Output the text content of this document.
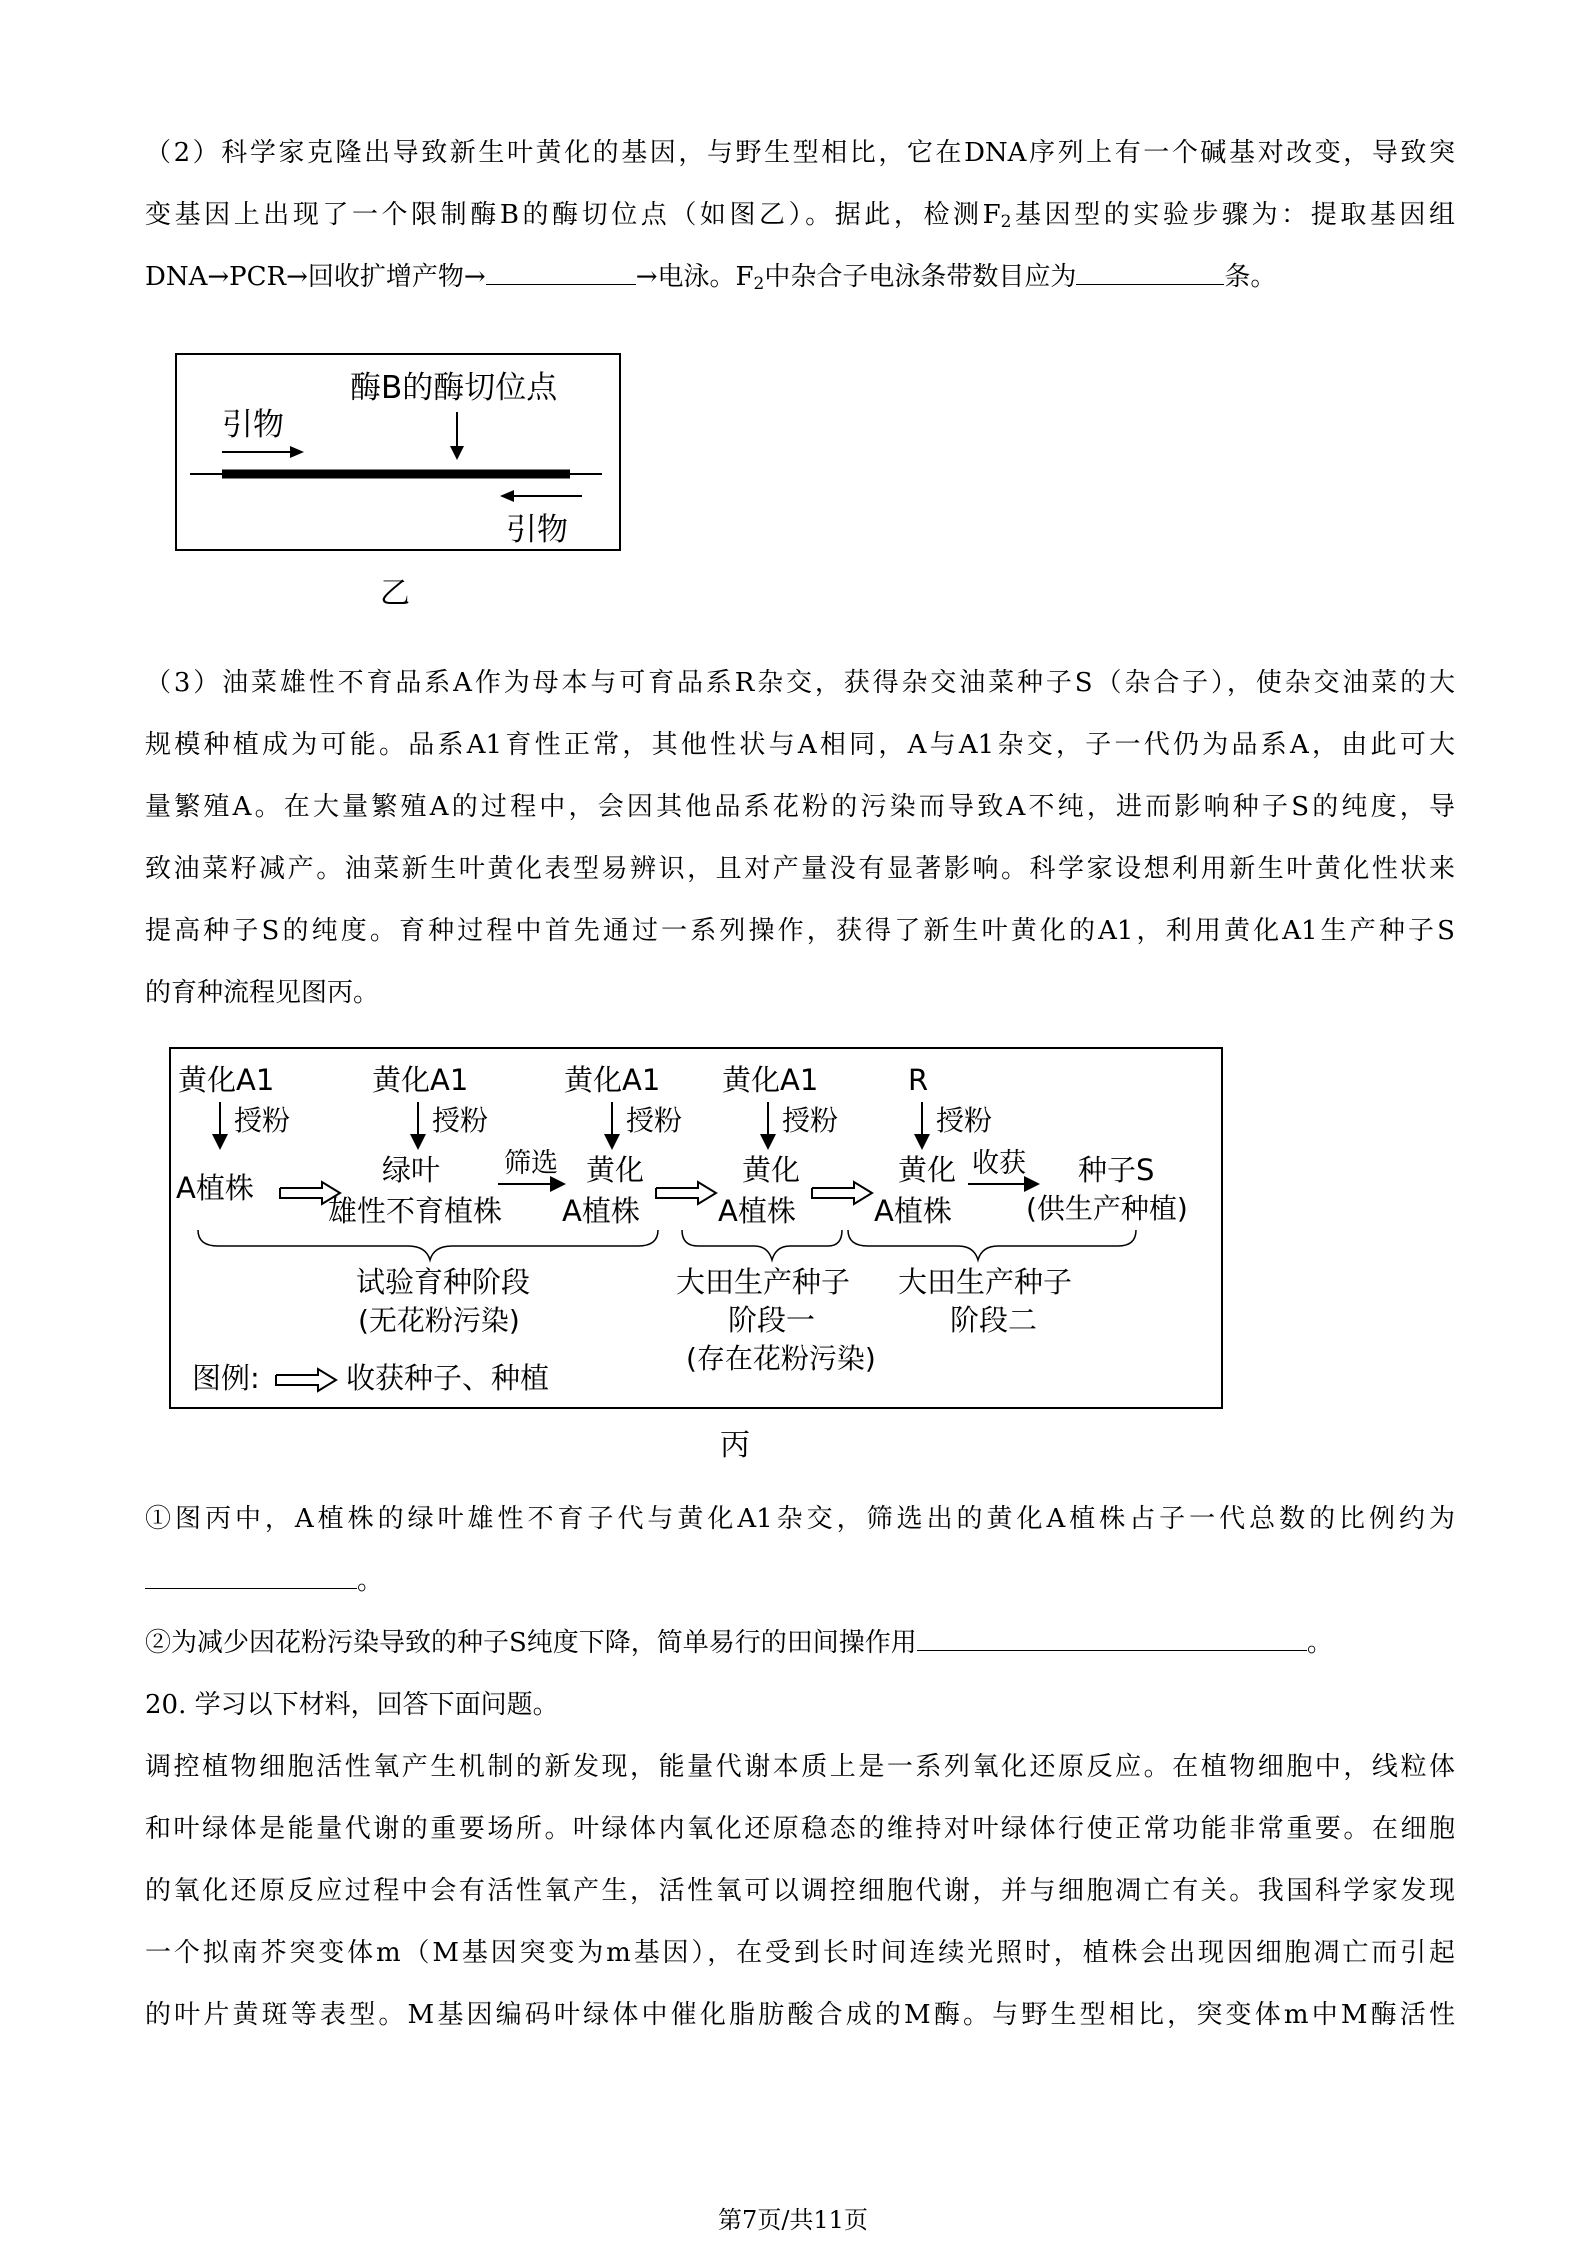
（2）科学家克隆出导致新生叶黄化的基因，与野生型相比，它在DNA序列上有一个碱基对改变，导致突
变基因上出现了一个限制酶B的酶切位点（如图乙）。据此，检测$F_2$基因型的实验步骤为：提取基因组
DNA→PCR→回收扩增产物→	→电泳。$F_2$中杂合子电泳条带数目应为	条。
酶B的酶切位点
引物
引物
乙
（3）油菜雄性不育品系A作为母本与可育品系R杂交，获得杂交油菜种子S（杂合子），使杂交油菜的大
规模种植成为可能。品系A1育性正常，其他性状与A相同，A与A1杂交，子一代仍为品系A，由此可大
量繁殖A。在大量繁殖A的过程中，会因其他品系花粉的污染而导致A不纯，进而影响种子S的纯度，导
致油菜籽减产。油菜新生叶黄化表型易辨识，且对产量没有显著影响。科学家设想利用新生叶黄化性状来
提高种子S的纯度。育种过程中首先通过一系列操作，获得了新生叶黄化的A1，利用黄化A1生产种子S
的育种流程见图丙。
黄化A1	黄化A1	黄化A1 黄化A1	R
授粉	授粉	授粉	授粉	授粉
A植株
绿叶
雄性不育植株
筛选 黄化
A植株
黄化
A植株
黄化
A植株
收获 种子S
(供生产种植)
试验育种阶段
(无花粉污染)
大田生产种子
阶段一
(存在花粉污染)
大田生产种子
阶段二
图例:	收获种子、种植
丙
①图丙中，A植株的绿叶雄性不育子代与黄化A1杂交，筛选出的黄化A植株占子一代总数的比例约为
。
②为减少因花粉污染导致的种子S纯度下降，简单易行的田间操作用	。
20. 学习以下材料，回答下面问题。
调控植物细胞活性氧产生机制的新发现，能量代谢本质上是一系列氧化还原反应。在植物细胞中，线粒体
和叶绿体是能量代谢的重要场所。叶绿体内氧化还原稳态的维持对叶绿体行使正常功能非常重要。在细胞
的氧化还原反应过程中会有活性氧产生，活性氧可以调控细胞代谢，并与细胞凋亡有关。我国科学家发现
一个拟南芥突变体m（M基因突变为m基因），在受到长时间连续光照时，植株会出现因细胞凋亡而引起
的叶片黄斑等表型。M基因编码叶绿体中催化脂肪酸合成的M酶。与野生型相比，突变体m中M酶活性
第7页/共11页
